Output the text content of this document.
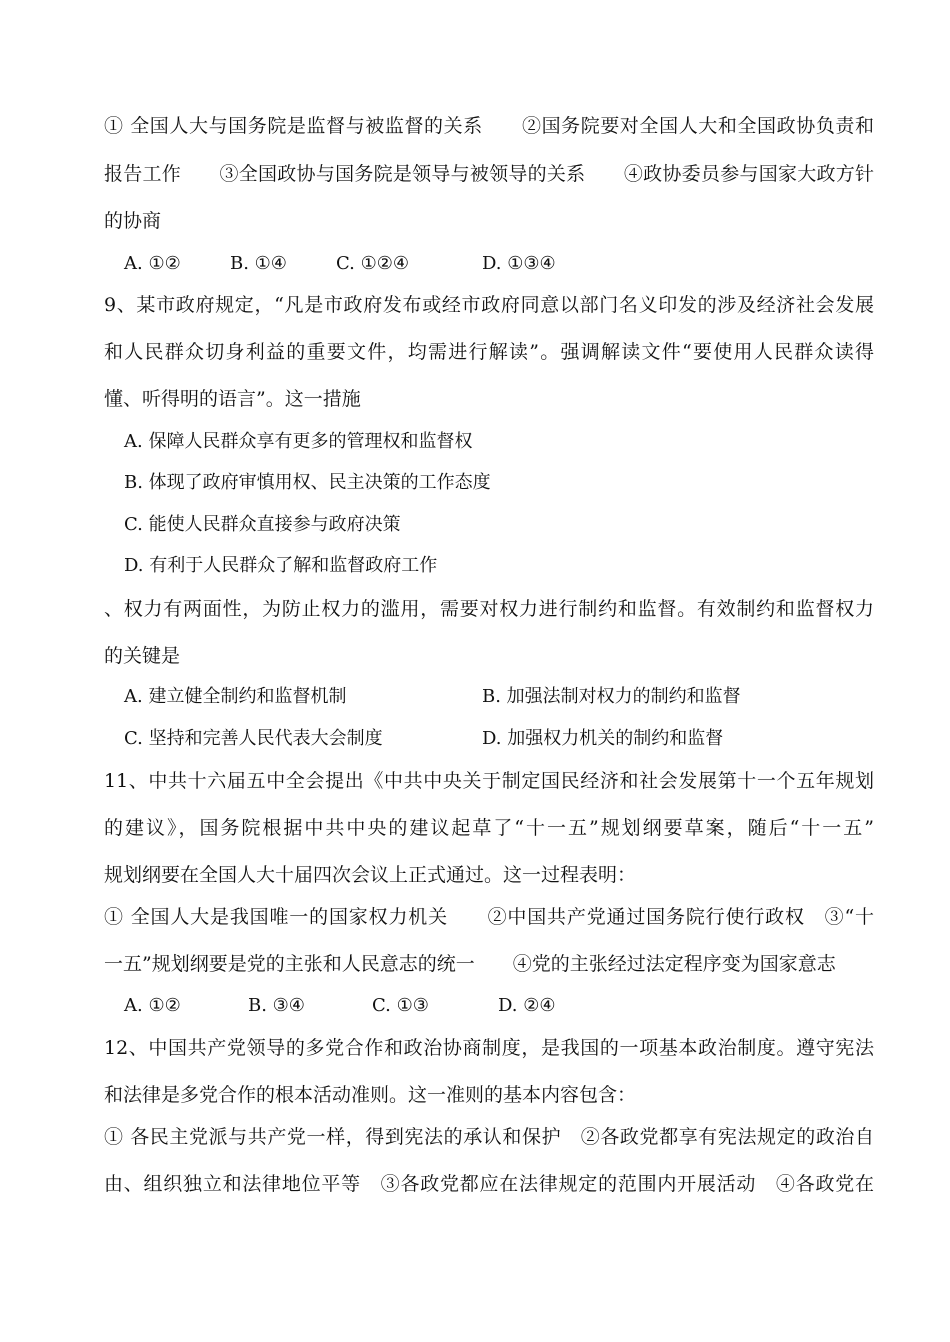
① 全国人大与国务院是监督与被监督的关系　　②国务院要对全国人大和全国政协负责和
报告工作　　③全国政协与国务院是领导与被领导的关系　　④政协委员参与国家大政方针
的协商
A. ①②	B. ①④	C. ①②④	D. ①③④
9、某市政府规定，“凡是市政府发布或经市政府同意以部门名义印发的涉及经济社会发展
和人民群众切身利益的重要文件，均需进行解读”。强调解读文件“要使用人民群众读得
懂、听得明的语言”。这一措施
A. 保障人民群众享有更多的管理权和监督权
B. 体现了政府审慎用权、民主决策的工作态度
C. 能使人民群众直接参与政府决策
D. 有利于人民群众了解和监督政府工作
、权力有两面性，为防止权力的滥用，需要对权力进行制约和监督。有效制约和监督权力
的关键是
A. 建立健全制约和监督机制	B. 加强法制对权力的制约和监督
C. 坚持和完善人民代表大会制度	D. 加强权力机关的制约和监督
11、中共十六届五中全会提出《中共中央关于制定国民经济和社会发展第十一个五年规划
的建议》，国务院根据中共中央的建议起草了“十一五”规划纲要草案，随后“十一五”
规划纲要在全国人大十届四次会议上正式通过。这一过程表明：
① 全国人大是我国唯一的国家权力机关　　②中国共产党通过国务院行使行政权　③“十
一五”规划纲要是党的主张和人民意志的统一　　④党的主张经过法定程序变为国家意志
A. ①②	B. ③④	C. ①③	D. ②④
12、中国共产党领导的多党合作和政治协商制度，是我国的一项基本政治制度。遵守宪法
和法律是多党合作的根本活动准则。这一准则的基本内容包含：
① 各民主党派与共产党一样，得到宪法的承认和保护　②各政党都享有宪法规定的政治自
由、组织独立和法律地位平等　③各政党都应在法律规定的范围内开展活动　④各政党在
